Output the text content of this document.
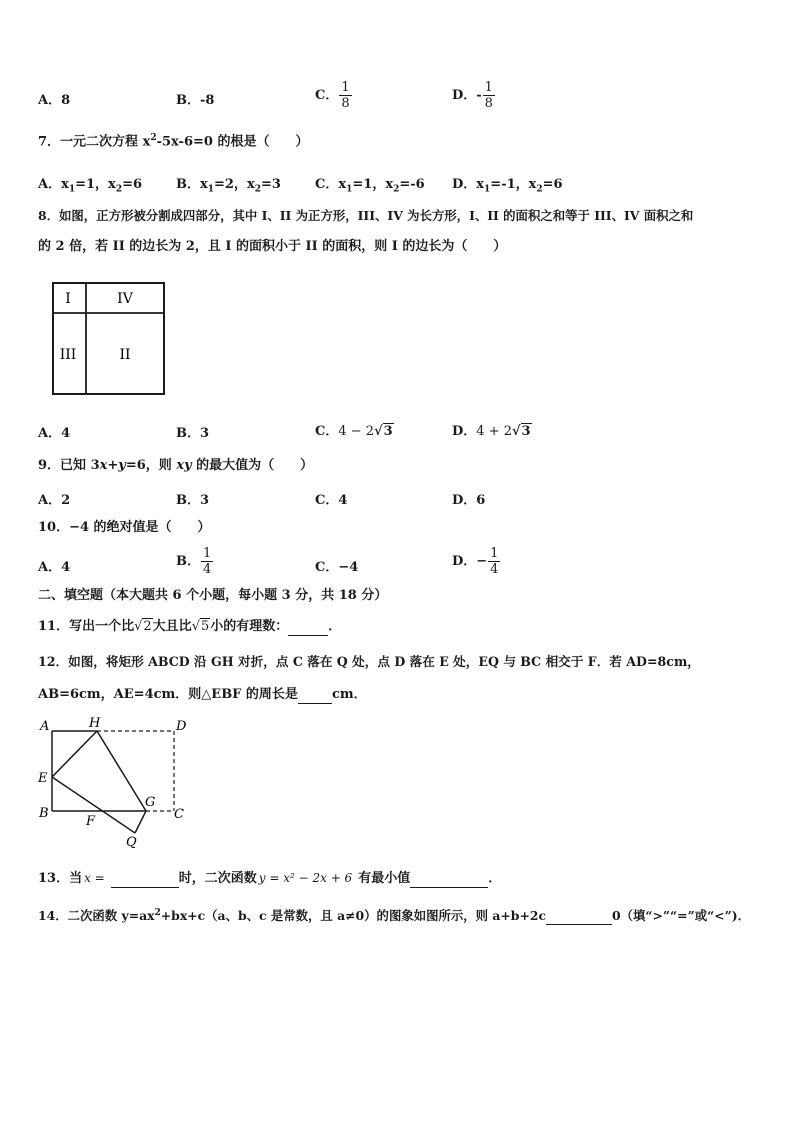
A．8	B．-8	C． $\frac{1}{8}$	D．- $\frac{1}{8}$
7．一元二次方程 $x^2-5x-6=0$ 的根是（　　）
A．$x_1=1$，$x_2=6$	B．$x_1=2$，$x_2=3$	C．$x_1=1$，$x_2=-6$ D．$x_1=-1$，$x_2=6$
8．如图，正方形被分割成四部分，其中 I、II 为正方形，III、IV 为长方形，I、II 的面积之和等于 III、IV 面积之和
的 2 倍，若 II 的边长为 2，且 I 的面积小于 II 的面积，则 I 的边长为（　　）
I	IV
III	II
A．4	B．3	C．4 − 2√3	D．4 + 2√3
9．已知 3x+y=6，则 xy 的最大值为（　　）
A．2	B．3	C．4	D．6
10．−4 的绝对值是（　　）
A．4	B． $\frac{1}{4}$	C．−4	D．− $\frac{1}{4}$
二、填空题（本大题共 6 个小题，每小题 3 分，共 18 分）
11．写出一个比√2大且比√5小的有理数：	．
12．如图，将矩形 ABCD 沿 GH 对折，点 C 落在 Q 处，点 D 落在 E 处，EQ 与 BC 相交于 F．若 AD=8cm，
AB=6cm，AE=4cm．则△EBF 的周长是	cm．
A	H	D
E
G
B
F	C
Q
13．当 x =	时，二次函数 y = x² − 2x + 6 有最小值	．
14．二次函数 $y=ax^2+bx+c(a$、b、c 是常数，且 a≠0）的图象如图所示，则 a+b+2c	0（填“>”“=”或“<”)．
